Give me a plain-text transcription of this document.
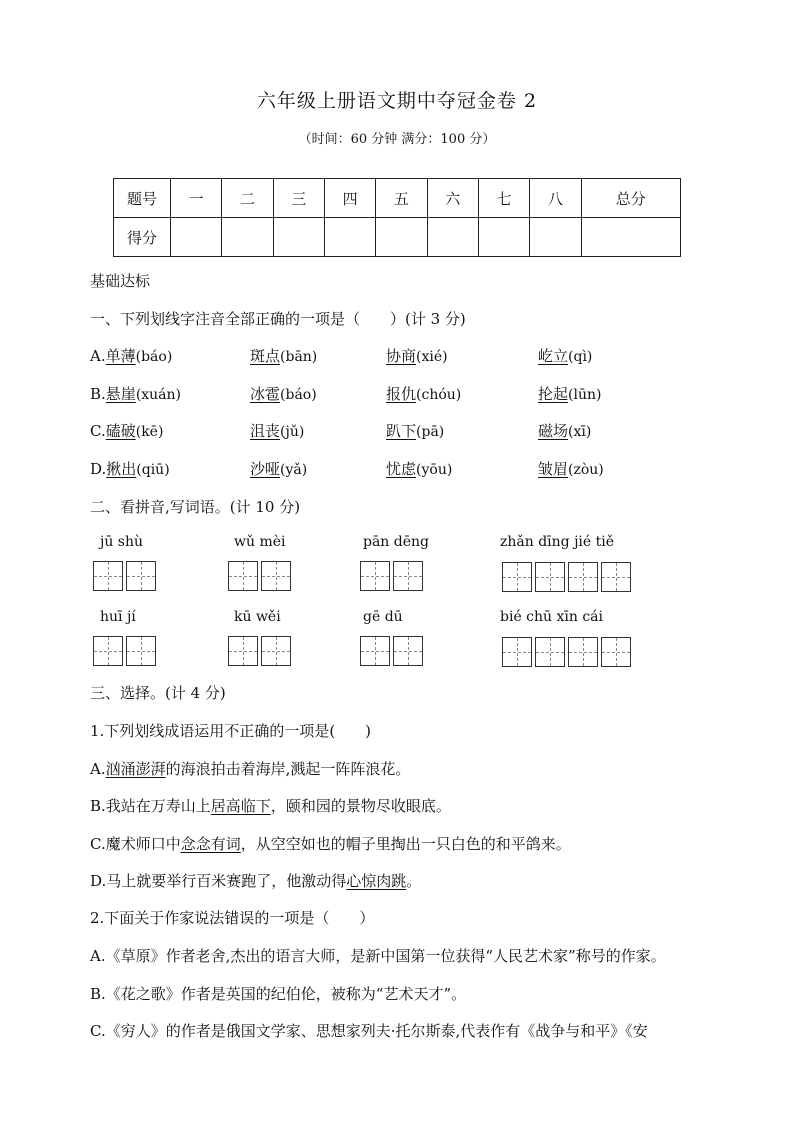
六年级上册语文期中夺冠金卷 2
（时间：60 分钟 满分：100 分）
题号	一	二	三	四	五	六	七	八	总分
得分									
基础达标
一、下列划线字注音全部正确的一项是（　　）(计 3 分)
A.单薄(báo)	斑点(bān)	协商(xié)	屹立(qì)
B.悬崖(xuán)	冰雹(báo)	报仇(chóu)	抡起(lūn)
C.磕破(kē)	沮丧(jǔ)	趴下(pā)	磁场(xī)
D.揪出(qiū)	沙哑(yǎ)	忧虑(yōu)	皱眉(zòu)
二、看拼音,写词语。(计 10 分)
jū shù	wǔ mèi	pān dēng	zhǎn dīng jié tiě
huī jí	kū wěi	gē dū	bié chū xīn cái
三、选择。(计 4 分)
1.下列划线成语运用不正确的一项是(　　)
A.汹涌澎湃的海浪拍击着海岸,溅起一阵阵浪花。
B.我站在万寿山上居高临下，颐和园的景物尽收眼底。
C.魔术师口中念念有词，从空空如也的帽子里掏出一只白色的和平鸽来。
D.马上就要举行百米赛跑了，他激动得心惊肉跳。
2.下面关于作家说法错误的一项是（　　）
A.《草原》作者老舍,杰出的语言大师，是新中国第一位获得“人民艺术家”称号的作家。
B.《花之歌》作者是英国的纪伯伦，被称为“艺术天才”。
C.《穷人》的作者是俄国文学家、思想家列夫·托尔斯泰,代表作有《战争与和平》《安
